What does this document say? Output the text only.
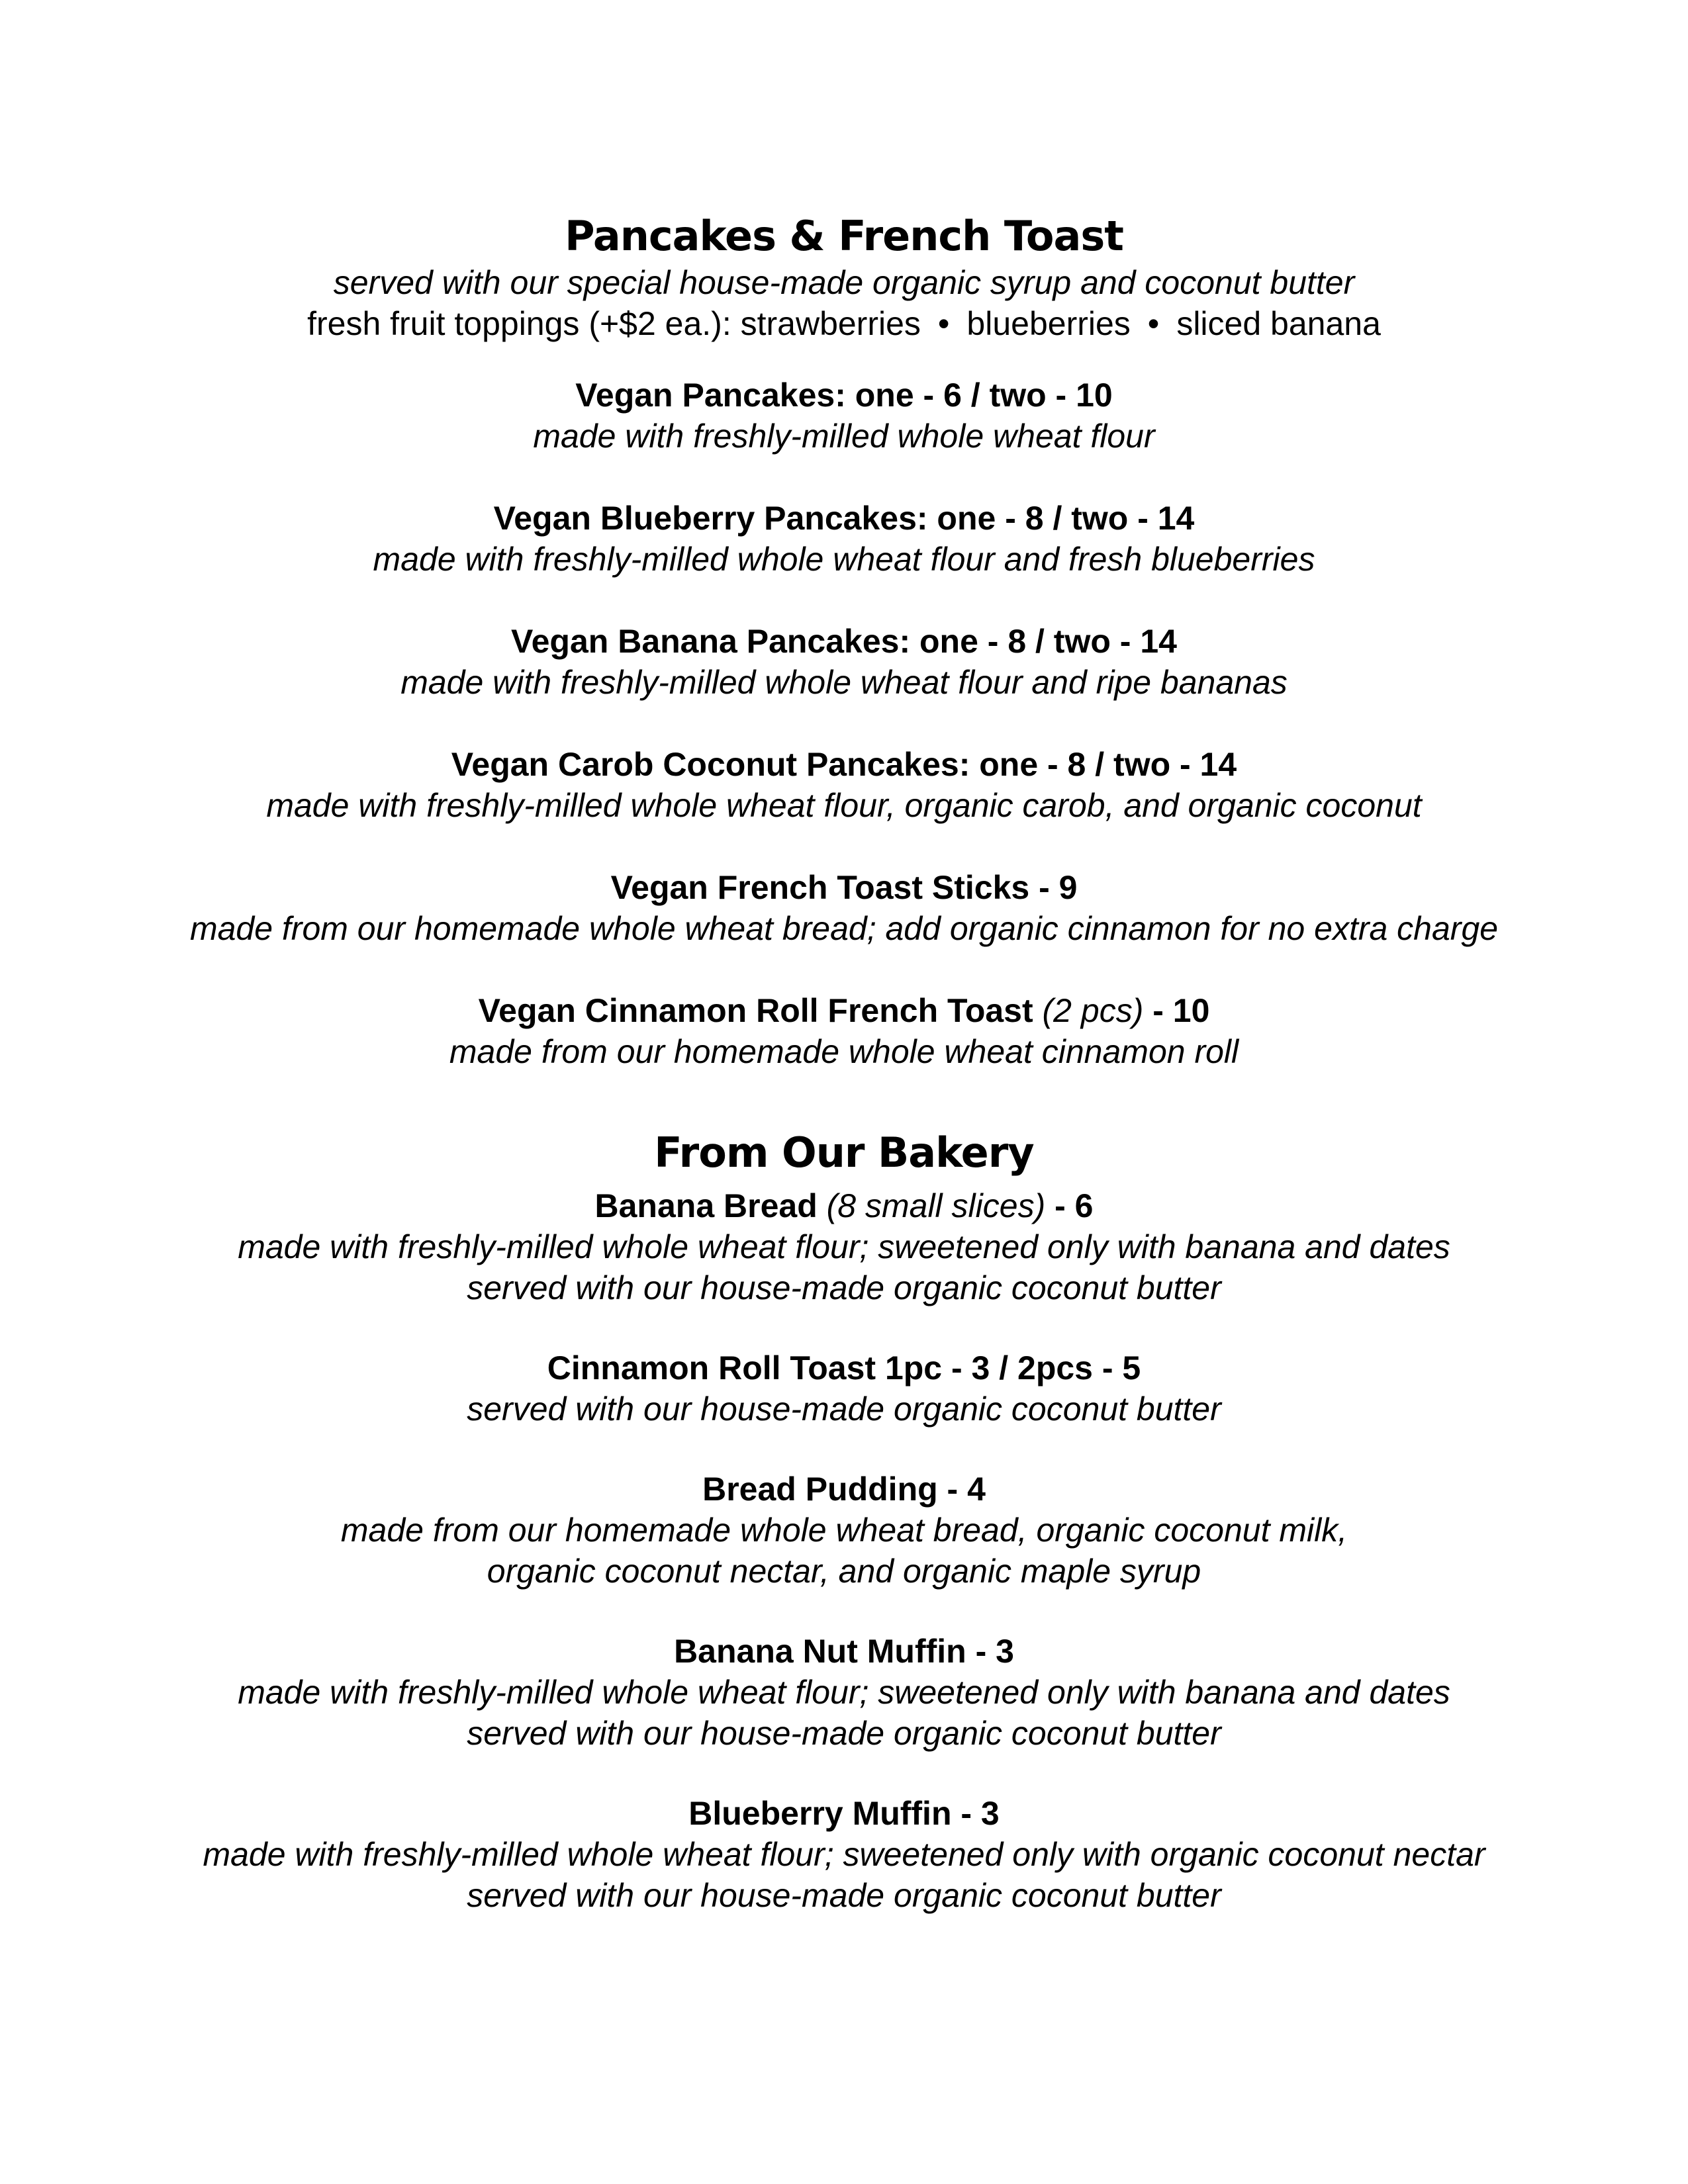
Pancakes & French Toast

served with our special house-made organic syrup and coconut butter

fresh fruit toppings (+$2 ea.): strawberries • blueberries • sliced banana

Vegan Pancakes: one - 6 / two - 10

made with freshly-milled whole wheat flour

Vegan Blueberry Pancakes: one - 8 / two - 14

made with freshly-milled whole wheat flour and fresh blueberries

Vegan Banana Pancakes: one - 8 / two - 14

made with freshly-milled whole wheat flour and ripe bananas

Vegan Carob Coconut Pancakes: one - 8 / two - 14

made with freshly-milled whole wheat flour, organic carob, and organic coconut

Vegan French Toast Sticks - 9

made from our homemade whole wheat bread; add organic cinnamon for no extra charge

Vegan Cinnamon Roll French Toast (2 pcs) - 10

made from our homemade whole wheat cinnamon roll

From Our Bakery

Banana Bread (8 small slices) - 6

made with freshly-milled whole wheat flour; sweetened only with banana and dates

served with our house-made organic coconut butter

Cinnamon Roll Toast 1pc - 3 / 2pcs - 5

served with our house-made organic coconut butter

Bread Pudding - 4

made from our homemade whole wheat bread, organic coconut milk,

organic coconut nectar, and organic maple syrup

Banana Nut Muffin - 3

made with freshly-milled whole wheat flour; sweetened only with banana and dates

served with our house-made organic coconut butter

Blueberry Muffin - 3

made with freshly-milled whole wheat flour; sweetened only with organic coconut nectar

served with our house-made organic coconut butter
